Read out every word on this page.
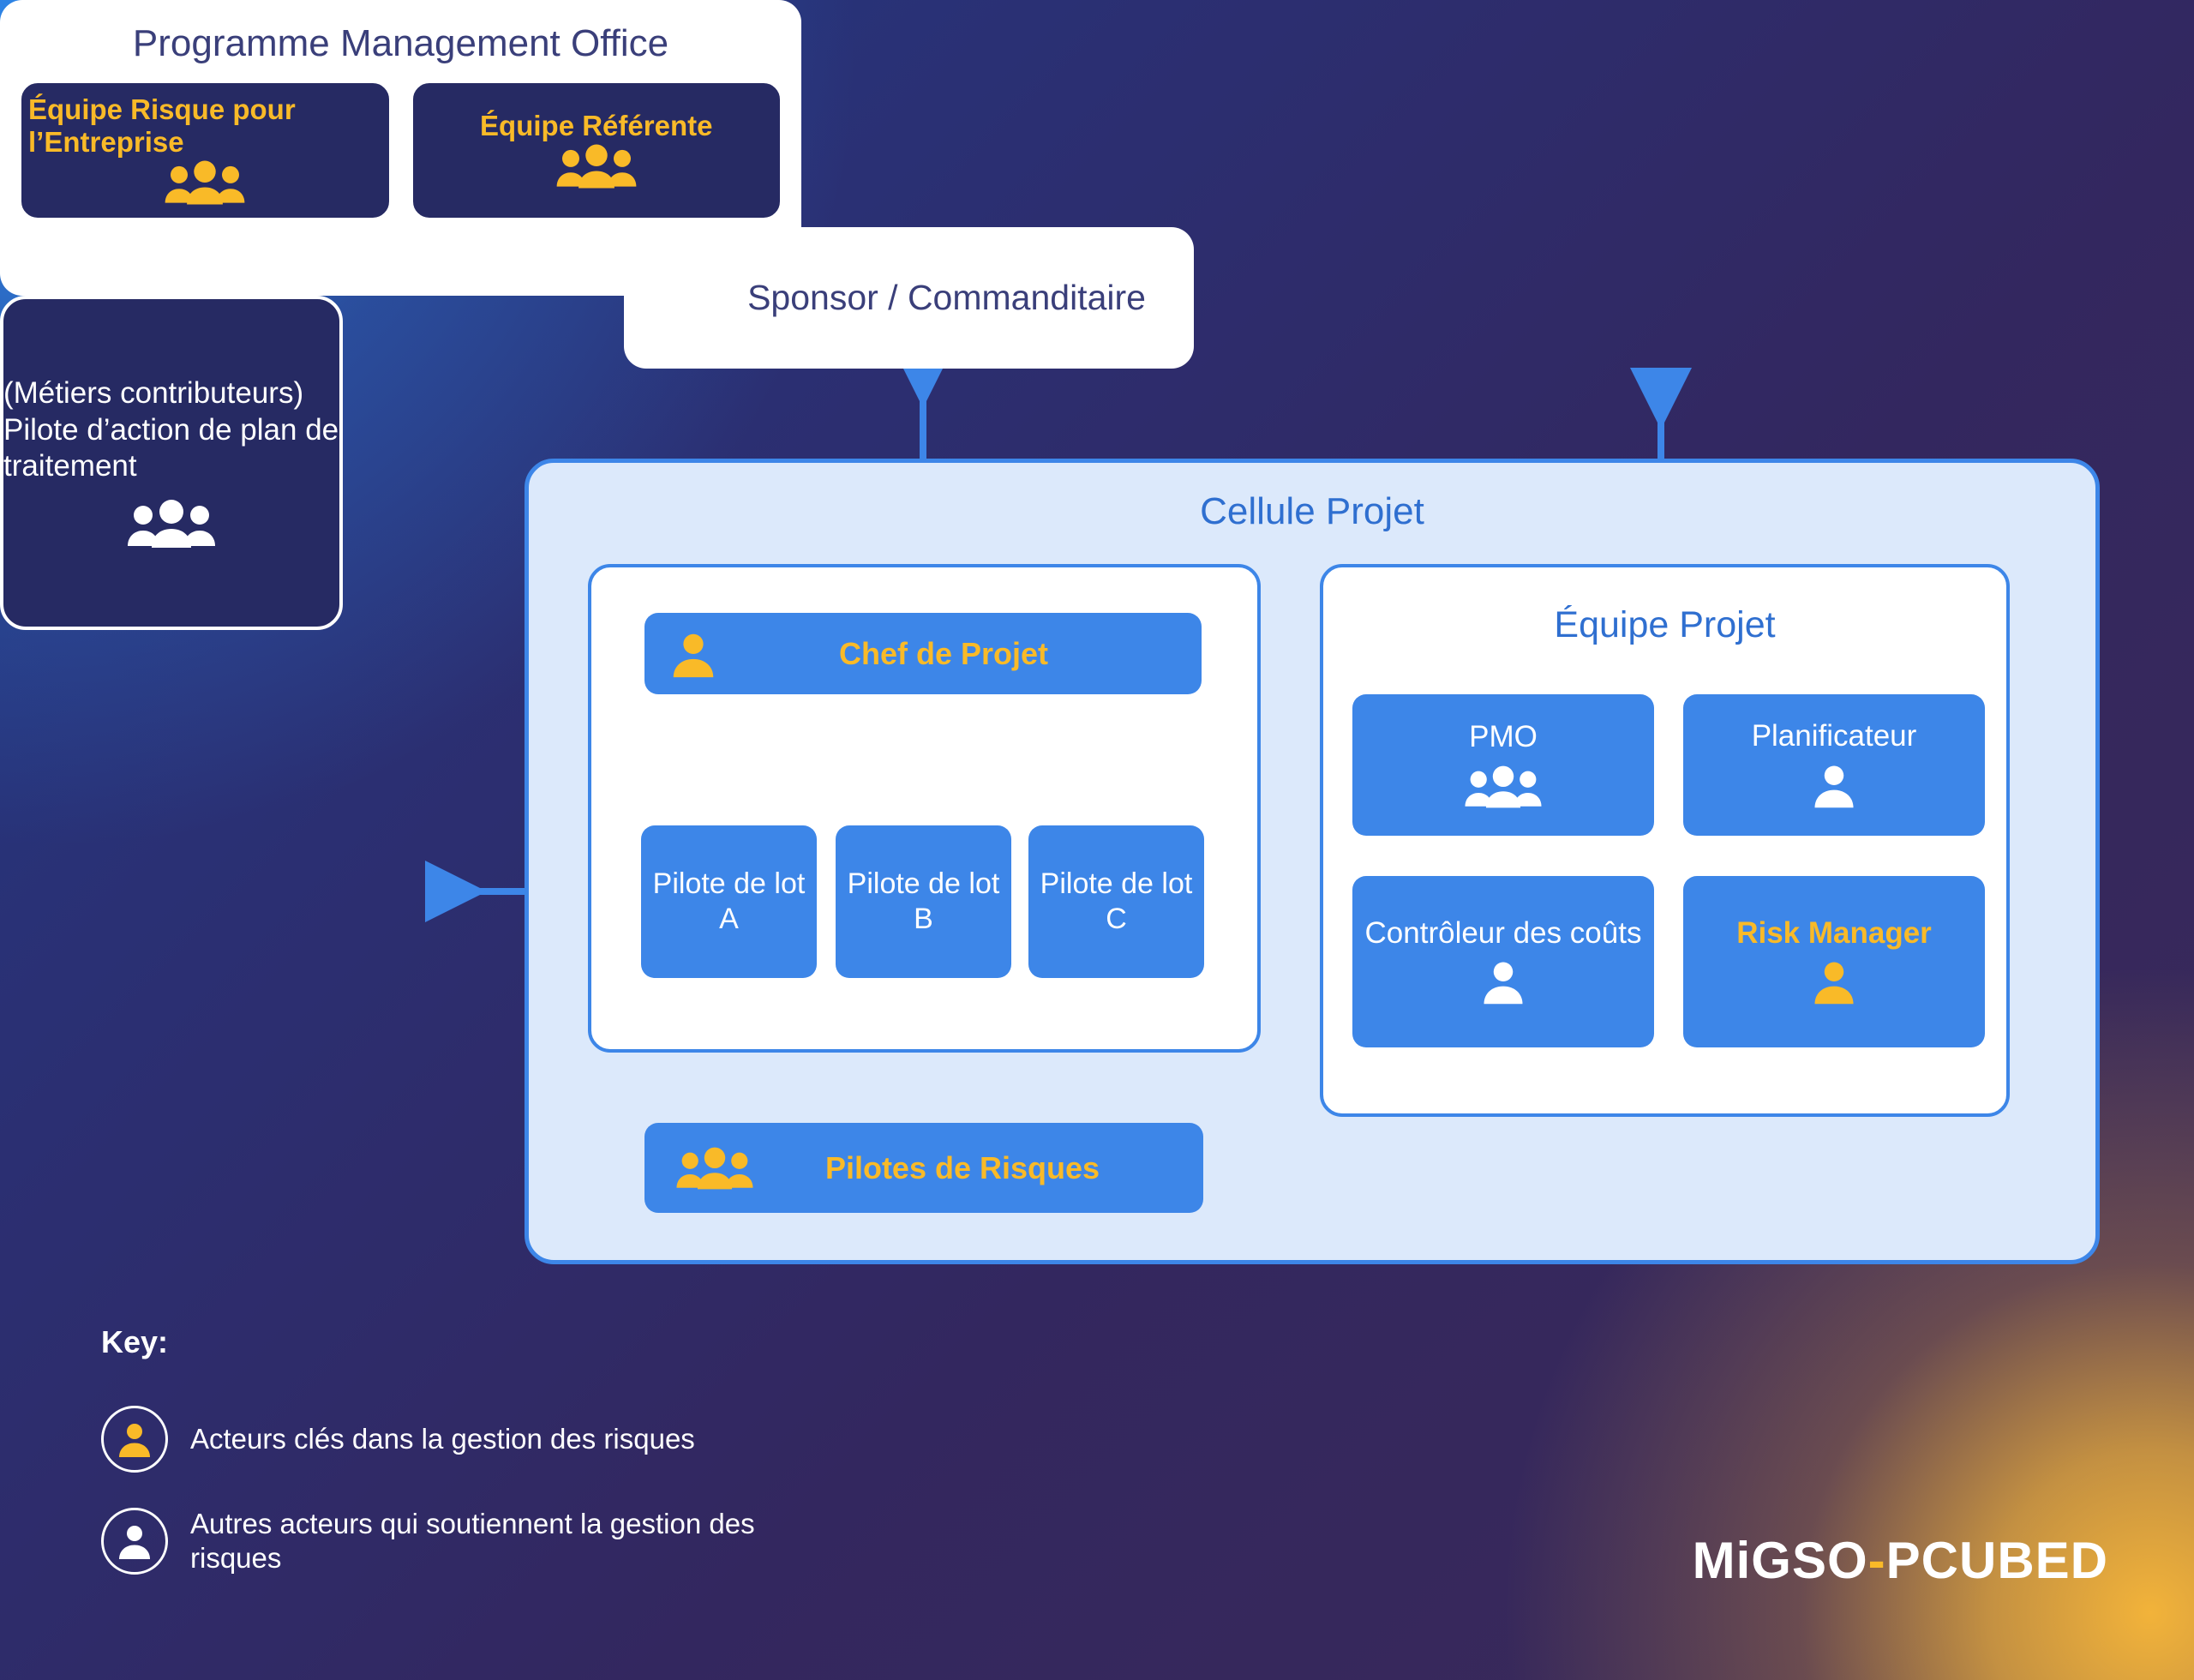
Sponsor / Commanditaire
Programme Management Office
Équipe Risque pour l’Entreprise
Équipe Référente
(Métiers contributeurs) Pilote d’action de plan de traitement
Cellule Projet
Équipe Projet
Chef de Projet
Pilote de lot A
Pilote de lot B
Pilote de lot C
Pilotes de Risques
PMO	Planificateur
Contrôleur des coûts	Risk Manager
Key:
Acteurs clés dans la gestion des risques
Autres acteurs qui soutiennent la gestion des risques	MiGSO-PCUBED
